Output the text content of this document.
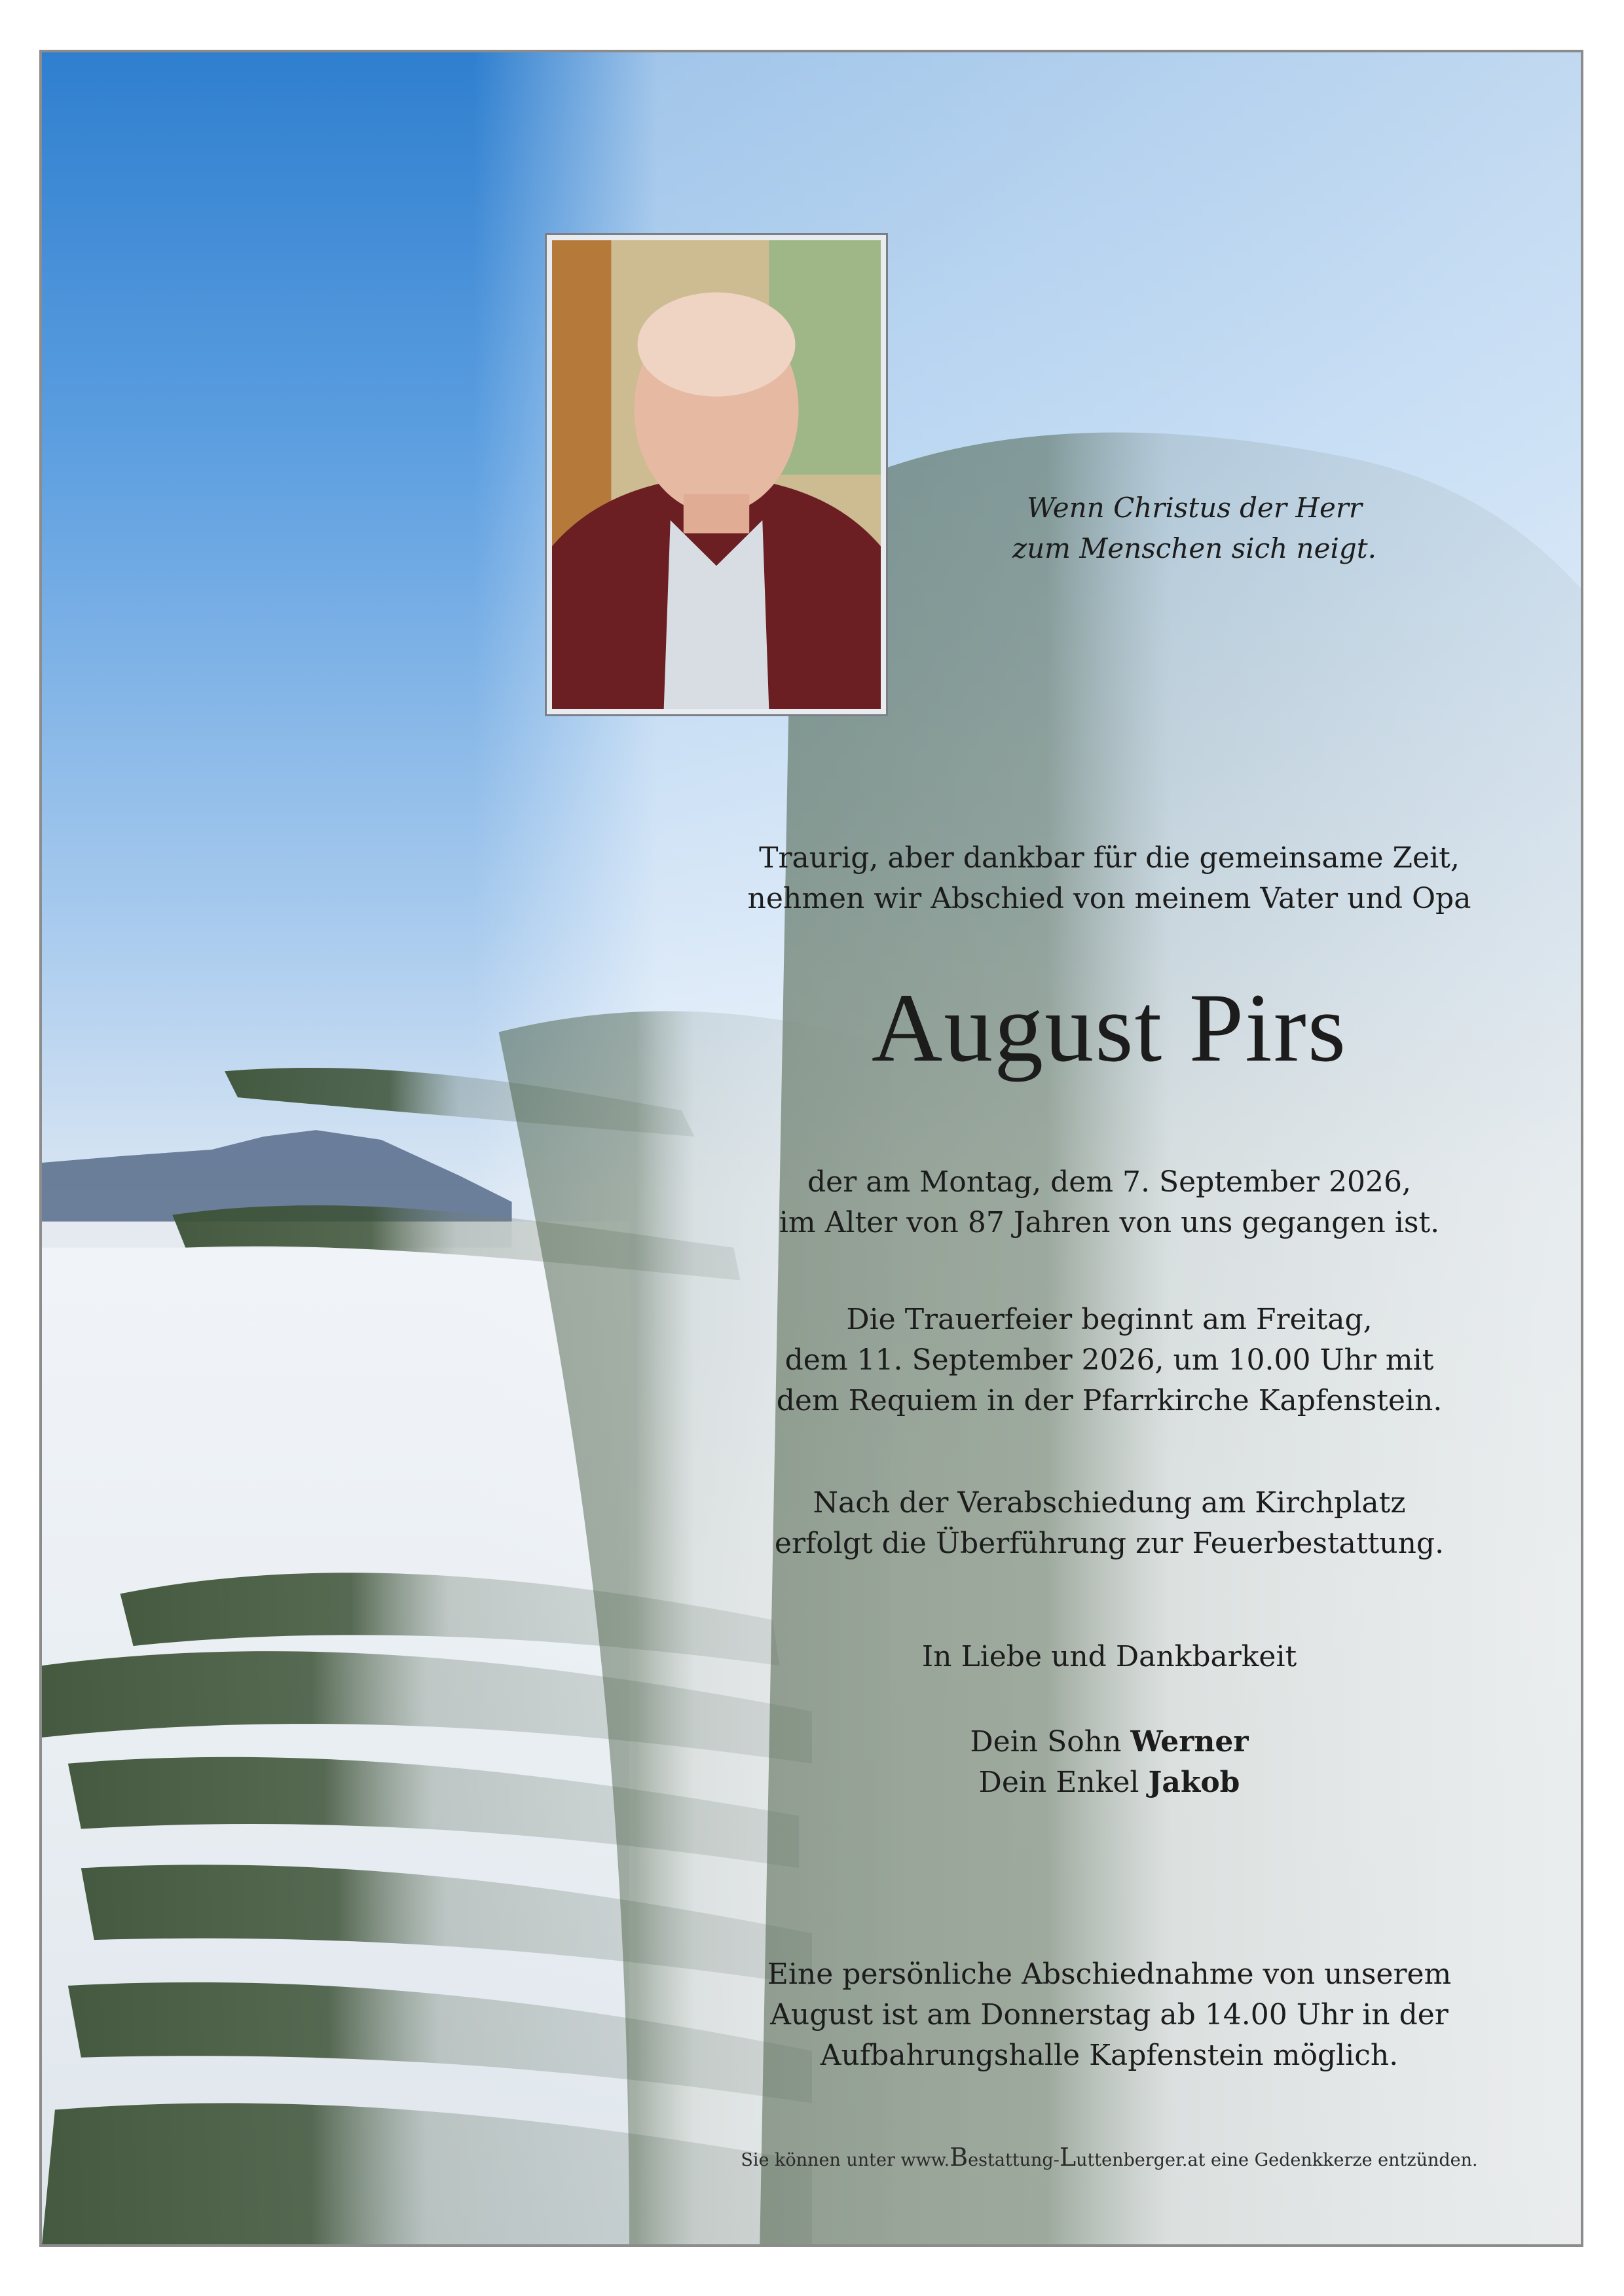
Wenn Christus der Herr
zum Menschen sich neigt.
Traurig, aber dankbar für die gemeinsame Zeit,
nehmen wir Abschied von meinem Vater und Opa
August Pirs
der am Montag, dem 7. September 2026,
im Alter von 87 Jahren von uns gegangen ist.
Die Trauerfeier beginnt am Freitag,
dem 11. September 2026, um 10.00 Uhr mit
dem Requiem in der Pfarrkirche Kapfenstein.
Nach der Verabschiedung am Kirchplatz
erfolgt die Überführung zur Feuerbestattung.
In Liebe und Dankbarkeit
Dein Sohn Werner
Dein Enkel Jakob
Eine persönliche Abschiednahme von unserem
August ist am Donnerstag ab 14.00 Uhr in der
Aufbahrungshalle Kapfenstein möglich.
Sie können unter www.Bestattung-Luttenberger.at eine Gedenkkerze entzünden.
